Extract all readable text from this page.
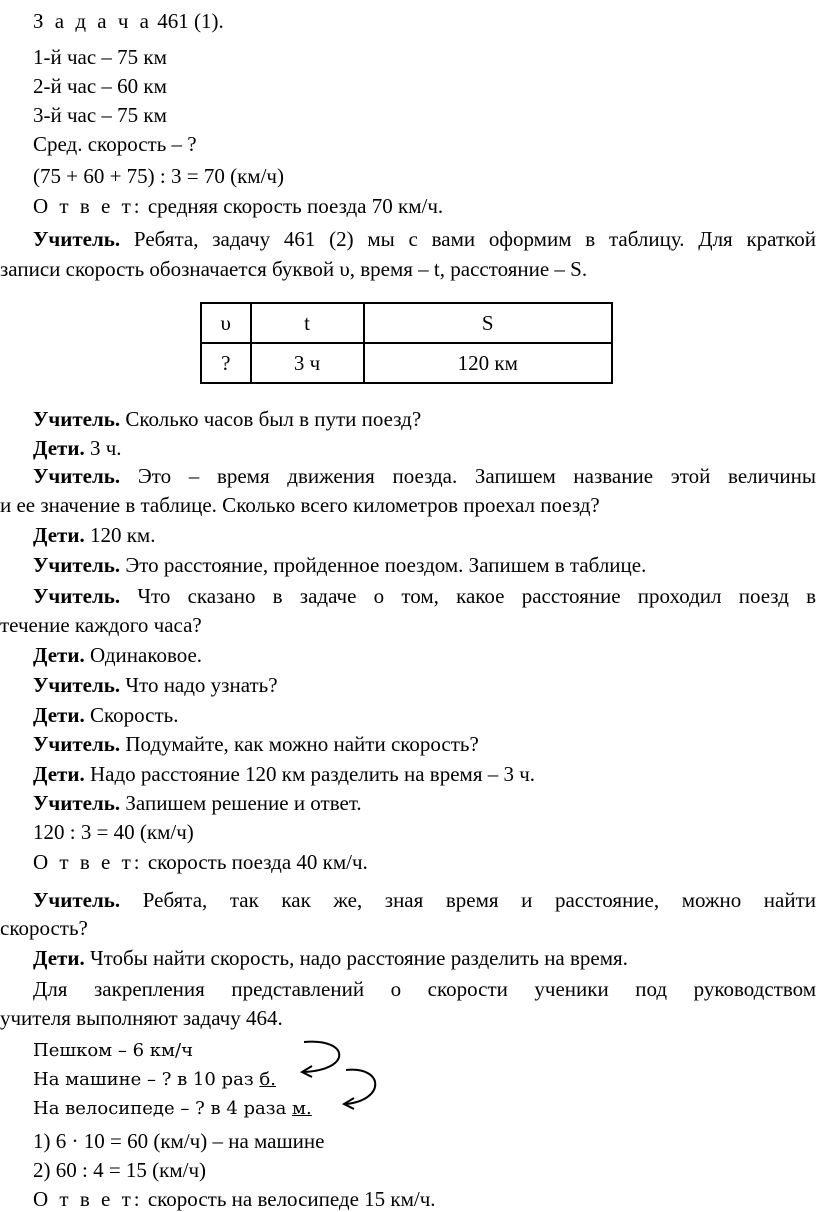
З а д а ч а 461 (1).
1-й час – 75 км
2-й час – 60 км
3-й час – 75 км
Сред. скорость – ?
(75 + 60 + 75) : 3 = 70 (км/ч)
О т в е т: средняя скорость поезда 70 км/ч.
Учитель. Ребята, задачу 461 (2) мы с вами оформим в таблицу. Для краткой
записи скорость обозначается буквой υ, время – t, расстояние – S.
υ	t	S
?	3 ч	120 км
Учитель. Сколько часов был в пути поезд?
Дети. 3 ч.
Учитель. Это – время движения поезда. Запишем название этой величины
и ее значение в таблице. Сколько всего километров проехал поезд?
Дети. 120 км.
Учитель. Это расстояние, пройденное поездом. Запишем в таблице.
Учитель. Что сказано в задаче о том, какое расстояние проходил поезд в
течение каждого часа?
Дети. Одинаковое.
Учитель. Что надо узнать?
Дети. Скорость.
Учитель. Подумайте, как можно найти скорость?
Дети. Надо расстояние 120 км разделить на время – 3 ч.
Учитель. Запишем решение и ответ.
120 : 3 = 40 (км/ч)
О т в е т: скорость поезда 40 км/ч.
Учитель. Ребята, так как же, зная время и расстояние, можно найти
скорость?
Дети. Чтобы найти скорость, надо расстояние разделить на время.
Для закрепления представлений о скорости ученики под руководством
учителя выполняют задачу 464.
Пешком – 6 км/ч
На машине – ? в 10 раз б.
На велосипеде – ? в 4 раза м.
1) 6 · 10 = 60 (км/ч) – на машине
2) 60 : 4 = 15 (км/ч)
О т в е т: скорость на велосипеде 15 км/ч.
